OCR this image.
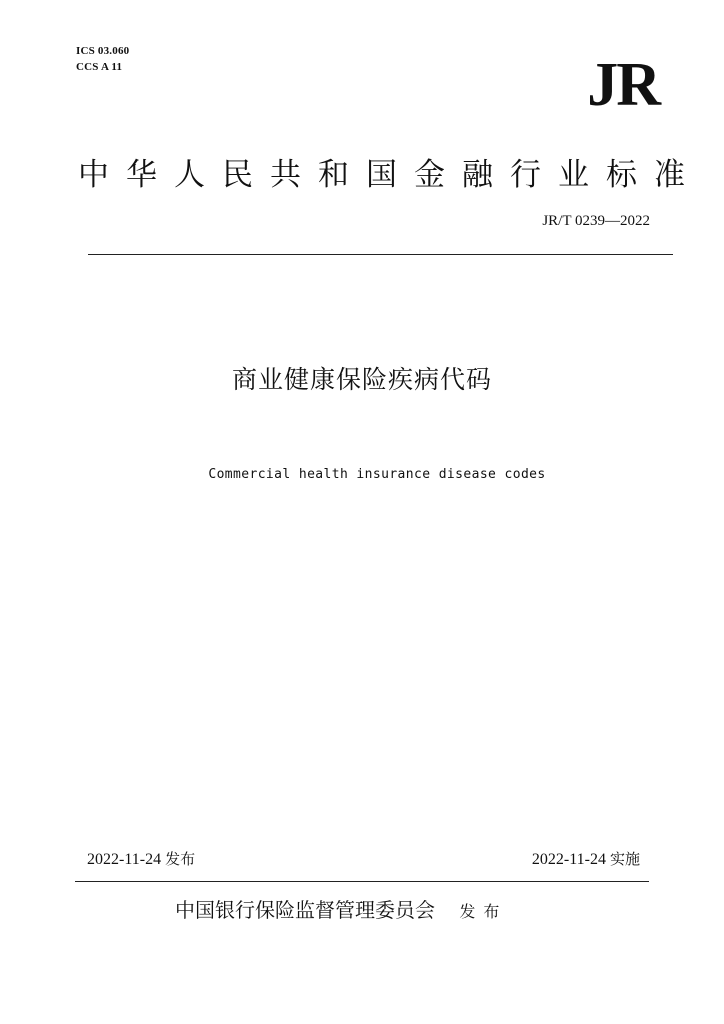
ICS 03.060
CCS A 11	JR
中华人民共和国金融行业标准
JR/T 0239—2022
商业健康保险疾病代码
Commercial health insurance disease codes
2022-11-24 发布	2022-11-24 实施
中国银行保险监督管理委员会 发布
